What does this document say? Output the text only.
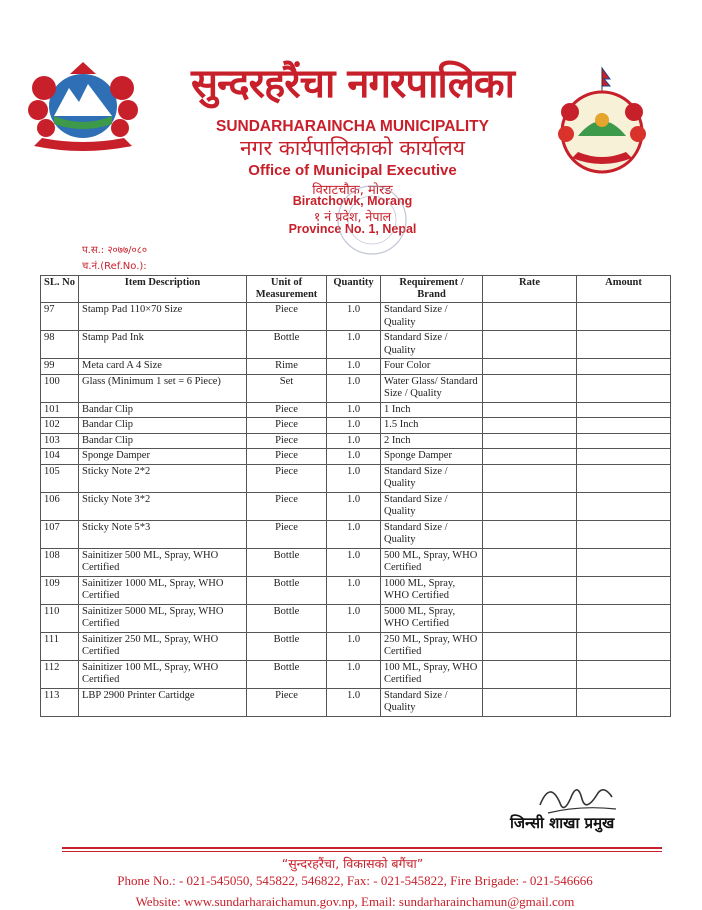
सुन्दरहरैंचा नगरपालिका
SUNDARHARAINCHA MUNICIPALITY
नगर कार्यपालिकाको कार्यालय
Office of Municipal Executive
विराटचौक, मोरङ
Biratchowk, Morang
१ नं प्रदेश, नेपाल
Province No. 1, Nepal
प.स.: २०७७/०८०
च.नं.(Ref.No.):
SL. No	Item Description	Unit of Measurement	Quantity	Requirement / Brand	Rate	Amount
97	Stamp Pad 110×70 Size	Piece	1.0	Standard Size / Quality		
98	Stamp Pad Ink	Bottle	1.0	Standard Size / Quality		
99	Meta card A 4 Size	Rime	1.0	Four Color		
100	Glass (Minimum 1 set = 6 Piece)	Set	1.0	Water Glass/ Standard Size / Quality		
101	Bandar Clip	Piece	1.0	1 Inch		
102	Bandar Clip	Piece	1.0	1.5 Inch		
103	Bandar Clip	Piece	1.0	2 Inch		
104	Sponge Damper	Piece	1.0	Sponge Damper		
105	Sticky Note 2*2	Piece	1.0	Standard Size / Quality		
106	Sticky Note 3*2	Piece	1.0	Standard Size / Quality		
107	Sticky Note 5*3	Piece	1.0	Standard Size / Quality		
108	Sainitizer 500 ML, Spray, WHO Certified	Bottle	1.0	500 ML, Spray, WHO Certified		
109	Sainitizer 1000 ML, Spray, WHO Certified	Bottle	1.0	1000 ML, Spray, WHO Certified		
110	Sainitizer 5000 ML, Spray, WHO Certified	Bottle	1.0	5000 ML, Spray, WHO Certified		
111	Sainitizer 250 ML, Spray, WHO Certified	Bottle	1.0	250 ML, Spray, WHO Certified		
112	Sainitizer 100 ML, Spray, WHO Certified	Bottle	1.0	100 ML, Spray, WHO Certified		
113	LBP 2900 Printer Cartidge	Piece	1.0	Standard Size / Quality		
जिन्सी शाखा प्रमुख
“सुन्दरहरैंचा, विकासको बगैंचा”
Phone No.: - 021-545050, 545822, 546822, Fax: - 021-545822, Fire Brigade: - 021-546666
Website: www.sundarharaichamun.gov.np, Email: sundarharainchamun@gmail.com
